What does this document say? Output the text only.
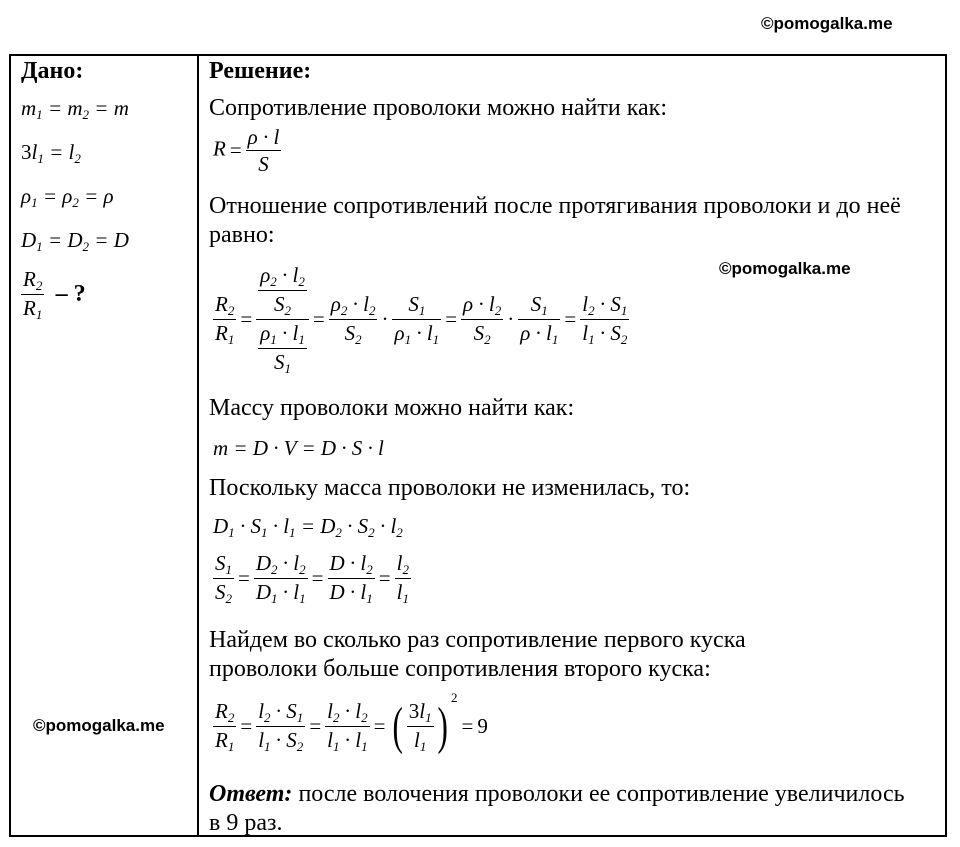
©pomogalka.me
Дано:
$m_1 = m_2 = m$
$3l_1 = l_2$
$\rho_1 = \rho_2 = \rho$
$D_1 = D_2 = D$
$\frac{R_2}{R_1}$ – ?
©pomogalka.me
Решение:
Сопротивление проволоки можно найти как:
$R = \frac{\rho \cdot l}{S}$
Отношение сопротивлений после протягивания проволоки и до неё равно:
©pomogalka.me
$\frac{R_2}{R_1} = \frac{\frac{\rho_2 \cdot l_2}{S_2}}{\frac{\rho_1 \cdot l_1}{S_1}} = \frac{\rho_2 \cdot l_2}{S_2} \cdot \frac{S_1}{\rho_1 \cdot l_1} = \frac{\rho \cdot l_2}{S_2} \cdot \frac{S_1}{\rho \cdot l_1} = \frac{l_2 \cdot S_1}{l_1 \cdot S_2}$
Массу проволоки можно найти как:
m = D · V = D · S · l
Поскольку масса проволоки не изменилась, то:
$D_1 \cdot S_1 \cdot l_1 = D_2 \cdot S_2 \cdot l_2$
$\frac{S_1}{S_2} = \frac{D_2 \cdot l_2}{D_1 \cdot l_1} = \frac{D \cdot l_2}{D \cdot l_1} = \frac{l_2}{l_1}$
Найдем во сколько раз сопротивление первого куска проволоки больше сопротивления второго куска:
$\frac{R_2}{R_1} = \frac{l_2 \cdot S_1}{l_1 \cdot S_2} = \frac{l_2 \cdot l_2}{l_1 \cdot l_1}$ = ( $\frac{3l_1}{l_1} )2= 9$
Ответ: после волочения проволоки ее сопротивление увеличилось в 9 раз.
